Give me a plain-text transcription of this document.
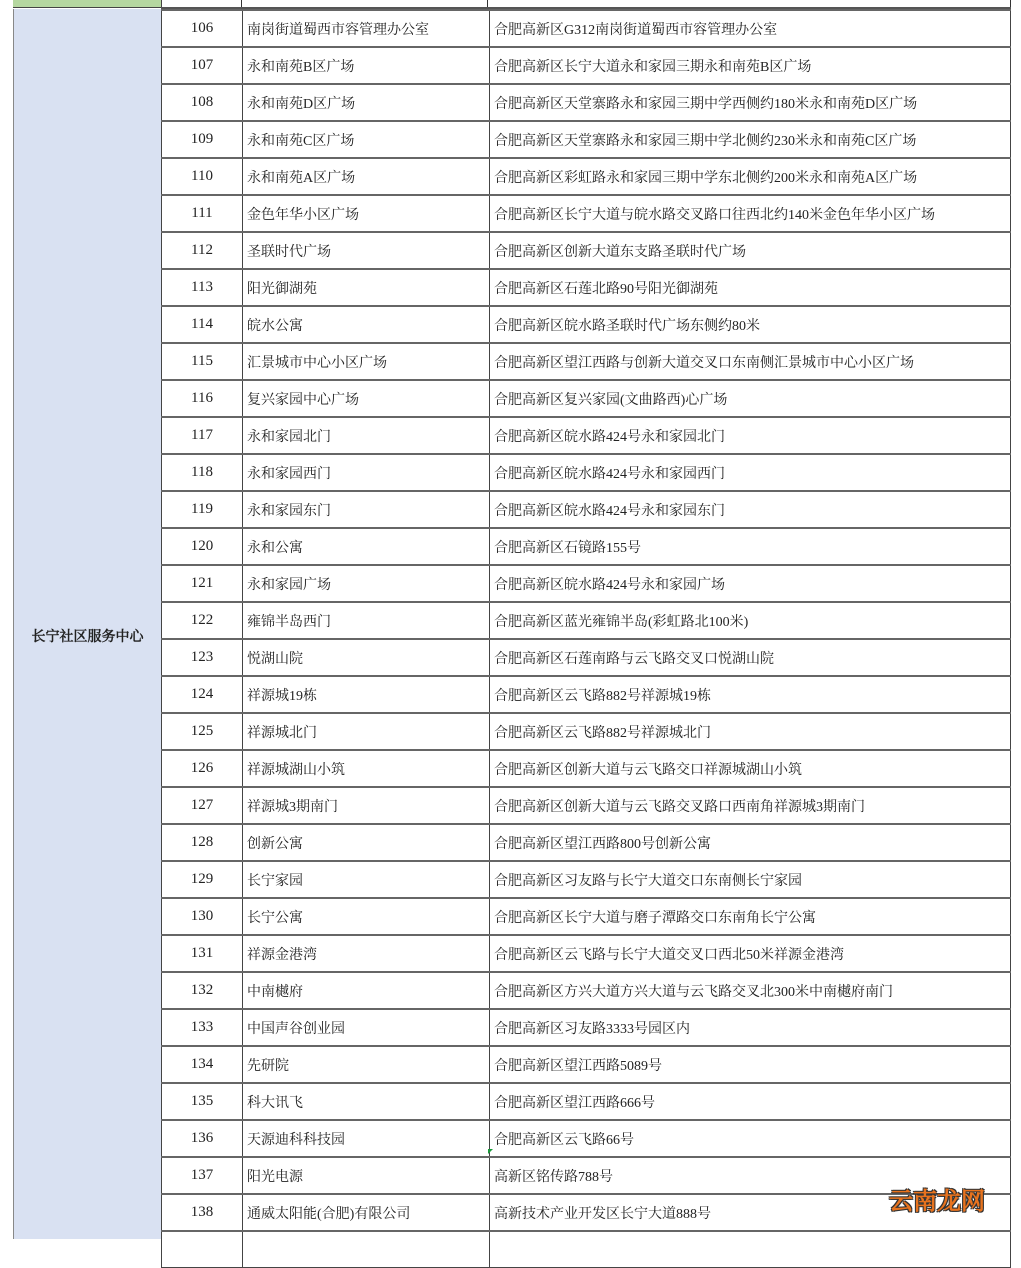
长宁社区服务中心
106	南岗街道蜀西市容管理办公室	合肥高新区G312南岗街道蜀西市容管理办公室
107	永和南苑B区广场	合肥高新区长宁大道永和家园三期永和南苑B区广场
108	永和南苑D区广场	合肥高新区天堂寨路永和家园三期中学西侧约180米永和南苑D区广场
109	永和南苑C区广场	合肥高新区天堂寨路永和家园三期中学北侧约230米永和南苑C区广场
110	永和南苑A区广场	合肥高新区彩虹路永和家园三期中学东北侧约200米永和南苑A区广场
111	金色年华小区广场	合肥高新区长宁大道与皖水路交叉路口往西北约140米金色年华小区广场
112	圣联时代广场	合肥高新区创新大道东支路圣联时代广场
113	阳光御湖苑	合肥高新区石莲北路90号阳光御湖苑
114	皖水公寓	合肥高新区皖水路圣联时代广场东侧约80米
115	汇景城市中心小区广场	合肥高新区望江西路与创新大道交叉口东南侧汇景城市中心小区广场
116	复兴家园中心广场	合肥高新区复兴家园(文曲路西)心广场
117	永和家园北门	合肥高新区皖水路424号永和家园北门
118	永和家园西门	合肥高新区皖水路424号永和家园西门
119	永和家园东门	合肥高新区皖水路424号永和家园东门
120	永和公寓	合肥高新区石镜路155号
121	永和家园广场	合肥高新区皖水路424号永和家园广场
122	雍锦半岛西门	合肥高新区蓝光雍锦半岛(彩虹路北100米)
123	悦湖山院	合肥高新区石莲南路与云飞路交叉口悦湖山院
124	祥源城19栋	合肥高新区云飞路882号祥源城19栋
125	祥源城北门	合肥高新区云飞路882号祥源城北门
126	祥源城湖山小筑	合肥高新区创新大道与云飞路交口祥源城湖山小筑
127	祥源城3期南门	合肥高新区创新大道与云飞路交叉路口西南角祥源城3期南门
128	创新公寓	合肥高新区望江西路800号创新公寓
129	长宁家园	合肥高新区习友路与长宁大道交口东南侧长宁家园
130	长宁公寓	合肥高新区长宁大道与磨子潭路交口东南角长宁公寓
131	祥源金港湾	合肥高新区云飞路与长宁大道交叉口西北50米祥源金港湾
132	中南樾府	合肥高新区方兴大道方兴大道与云飞路交叉北300米中南樾府南门
133	中国声谷创业园	合肥高新区习友路3333号园区内
134	先研院	合肥高新区望江西路5089号
135	科大讯飞	合肥高新区望江西路666号
136	天源迪科科技园	合肥高新区云飞路66号
137	阳光电源	高新区铭传路788号
138	通威太阳能(合肥)有限公司	高新技术产业开发区长宁大道888号
			云南龙网
